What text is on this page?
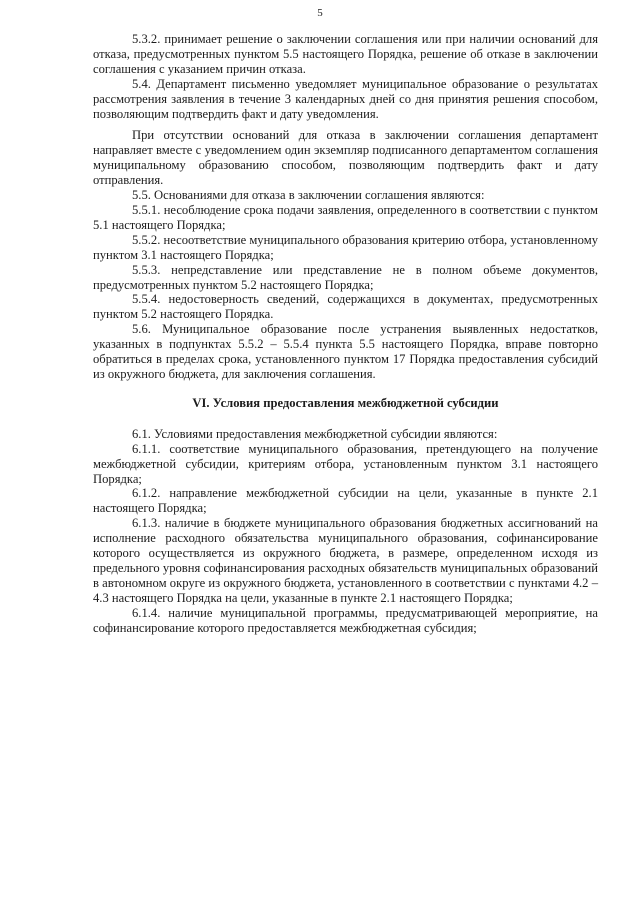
5

5.3.2. принимает решение о заключении соглашения или при наличии оснований для отказа, предусмотренных пунктом 5.5 настоящего Порядка, решение об отказе в заключении соглашения с указанием причин отказа.

5.4. Департамент письменно уведомляет муниципальное образование о результатах рассмотрения заявления в течение 3 календарных дней со дня принятия решения способом, позволяющим подтвердить факт и дату уведомления.

При отсутствии оснований для отказа в заключении соглашения департамент направляет вместе с уведомлением один экземпляр подписанного департаментом соглашения муниципальному образованию способом, позволяющим подтвердить факт и дату отправления.

5.5. Основаниями для отказа в заключении соглашения являются:

5.5.1. несоблюдение срока подачи заявления, определенного в соответствии с пунктом 5.1 настоящего Порядка;

5.5.2. несоответствие муниципального образования критерию отбора, установленному пунктом 3.1 настоящего Порядка;

5.5.3. непредставление или представление не в полном объеме документов, предусмотренных пунктом 5.2 настоящего Порядка;

5.5.4. недостоверность сведений, содержащихся в документах, предусмотренных пунктом 5.2 настоящего Порядка.

5.6. Муниципальное образование после устранения выявленных недостатков, указанных в подпунктах 5.5.2 – 5.5.4 пункта 5.5 настоящего Порядка, вправе повторно обратиться в пределах срока, установленного пунктом 17 Порядка предоставления субсидий из окружного бюджета, для заключения соглашения.

VI. Условия предоставления межбюджетной субсидии

6.1. Условиями предоставления межбюджетной субсидии являются:

6.1.1. соответствие муниципального образования, претендующего на получение межбюджетной субсидии, критериям отбора, установленным пунктом 3.1 настоящего Порядка;

6.1.2. направление межбюджетной субсидии на цели, указанные в пункте 2.1 настоящего Порядка;

6.1.3. наличие в бюджете муниципального образования бюджетных ассигнований на исполнение расходного обязательства муниципального образования, софинансирование которого осуществляется из окружного бюджета, в размере, определенном исходя из предельного уровня софинансирования расходных обязательств муниципальных образований в автономном округе из окружного бюджета, установленного в соответствии с пунктами 4.2 – 4.3 настоящего Порядка на цели, указанные в пункте 2.1 настоящего Порядка;

6.1.4. наличие муниципальной программы, предусматривающей мероприятие, на софинансирование которого предоставляется межбюджетная субсидия;
